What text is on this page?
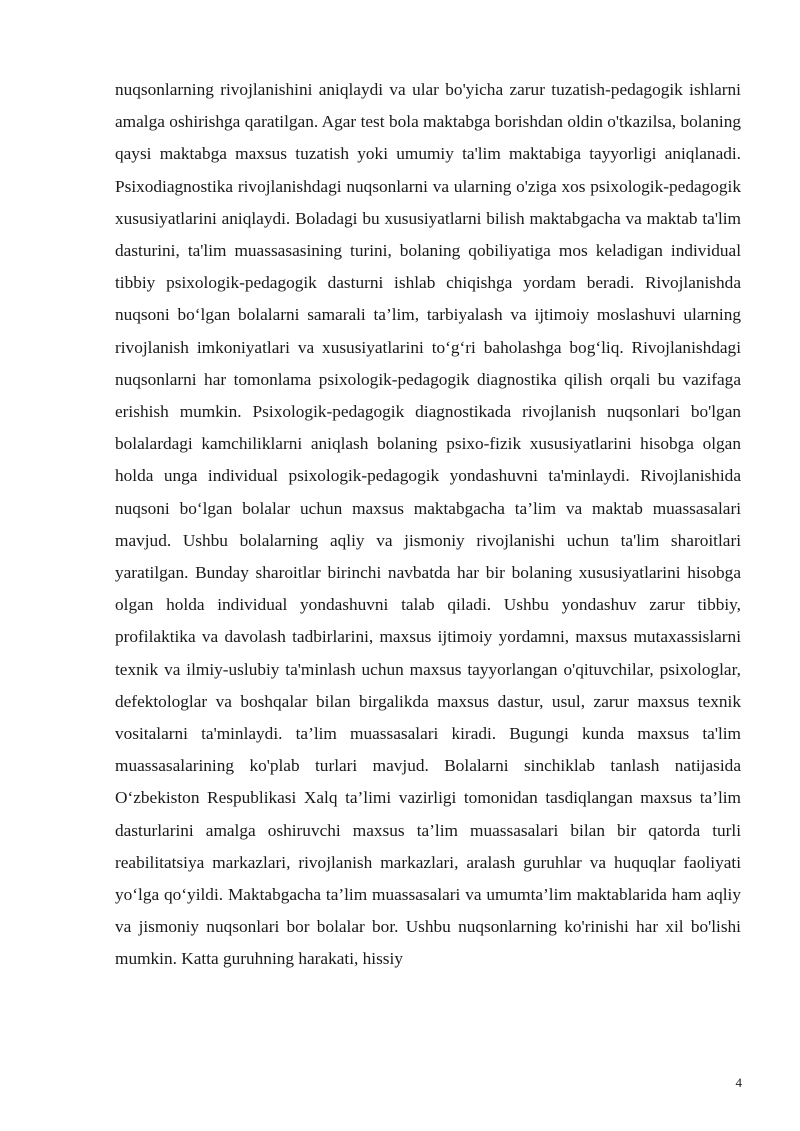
nuqsonlarning rivojlanishini aniqlaydi va ular bo'yicha zarur tuzatish-pedagogik ishlarni amalga oshirishga qaratilgan. Agar test bola maktabga borishdan oldin o'tkazilsa, bolaning qaysi maktabga maxsus tuzatish yoki umumiy ta'lim maktabiga tayyorligi aniqlanadi. Psixodiagnostika rivojlanishdagi nuqsonlarni va ularning o'ziga xos psixologik-pedagogik xususiyatlarini aniqlaydi. Boladagi bu xususiyatlarni bilish maktabgacha va maktab ta'lim dasturini, ta'lim muassasasining turini, bolaning qobiliyatiga mos keladigan individual tibbiy psixologik-pedagogik dasturni ishlab chiqishga yordam beradi. Rivojlanishda nuqsoni bo‘lgan bolalarni samarali ta’lim, tarbiyalash va ijtimoiy moslashuvi ularning rivojlanish imkoniyatlari va xususiyatlarini to‘g‘ri baholashga bog‘liq. Rivojlanishdagi nuqsonlarni har tomonlama psixologik-pedagogik diagnostika qilish orqali bu vazifaga erishish mumkin. Psixologik-pedagogik diagnostikada rivojlanish nuqsonlari bo'lgan bolalardagi kamchiliklarni aniqlash bolaning psixo-fizik xususiyatlarini hisobga olgan holda unga individual psixologik-pedagogik yondashuvni ta'minlaydi. Rivojlanishida nuqsoni bo‘lgan bolalar uchun maxsus maktabgacha ta’lim va maktab muassasalari mavjud. Ushbu bolalarning aqliy va jismoniy rivojlanishi uchun ta'lim sharoitlari yaratilgan. Bunday sharoitlar birinchi navbatda har bir bolaning xususiyatlarini hisobga olgan holda individual yondashuvni talab qiladi. Ushbu yondashuv zarur tibbiy, profilaktika va davolash tadbirlarini, maxsus ijtimoiy yordamni, maxsus mutaxassislarni texnik va ilmiy-uslubiy ta'minlash uchun maxsus tayyorlangan o'qituvchilar, psixologlar, defektologlar va boshqalar bilan birgalikda maxsus dastur, usul, zarur maxsus texnik vositalarni ta'minlaydi. ta’lim muassasalari kiradi. Bugungi kunda maxsus ta'lim muassasalarining ko'plab turlari mavjud. Bolalarni sinchiklab tanlash natijasida O‘zbekiston Respublikasi Xalq ta’limi vazirligi tomonidan tasdiqlangan maxsus ta’lim dasturlarini amalga oshiruvchi maxsus ta’lim muassasalari bilan bir qatorda turli reabilitatsiya markazlari, rivojlanish markazlari, aralash guruhlar va huquqlar faoliyati yo‘lga qo‘yildi. Maktabgacha ta’lim muassasalari va umumta’lim maktablarida ham aqliy va jismoniy nuqsonlari bor bolalar bor. Ushbu nuqsonlarning ko'rinishi har xil bo'lishi mumkin. Katta guruhning harakati, hissiy

4
